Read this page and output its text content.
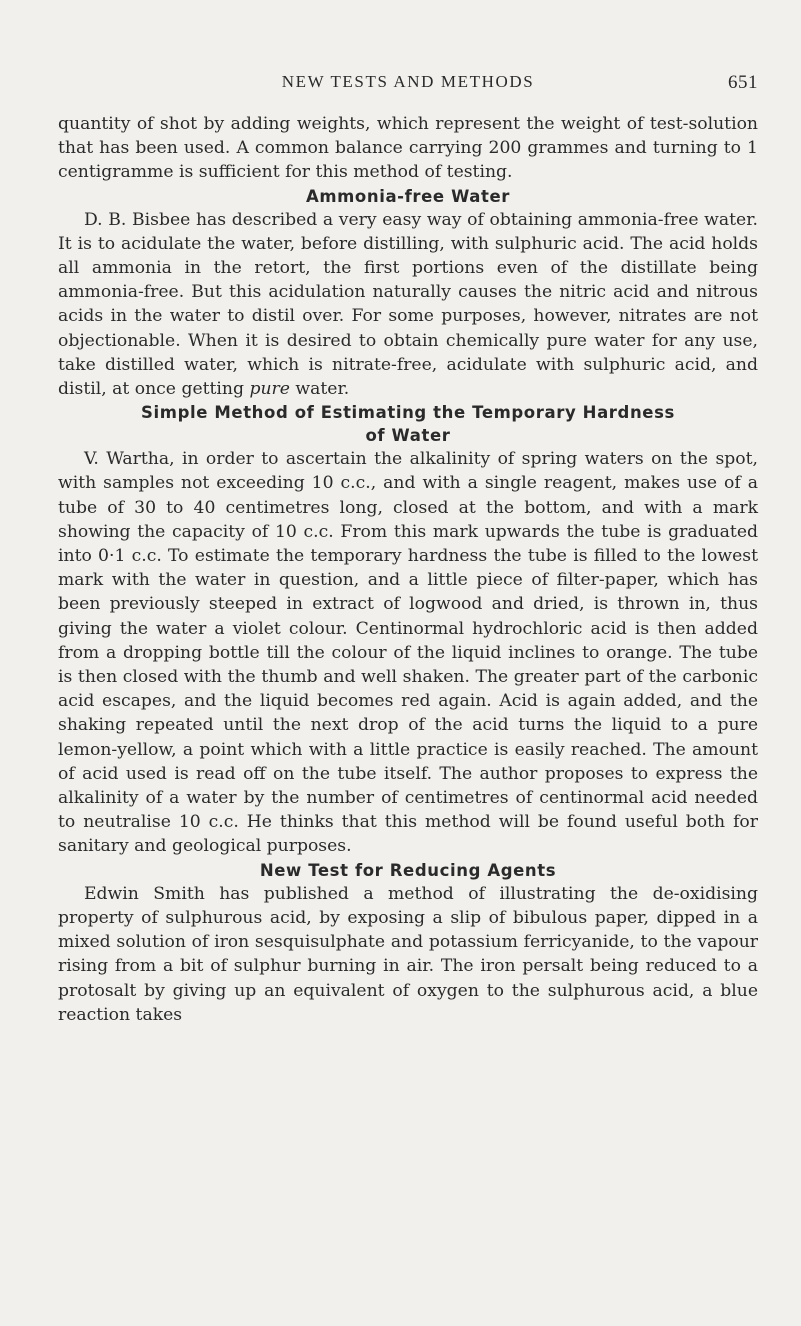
NEW TESTS AND METHODS	651

quantity of shot by adding weights, which represent the weight of test-solution that has been used. A common balance carrying 200 grammes and turning to 1 centigramme is sufficient for this method of testing.

Ammonia-free Water

D. B. Bisbee has described a very easy way of obtaining ammonia-free water. It is to acidulate the water, before distilling, with sulphuric acid. The acid holds all ammonia in the retort, the first portions even of the distillate being ammonia-free. But this acidulation naturally causes the nitric acid and nitrous acids in the water to distil over. For some purposes, however, nitrates are not objectionable. When it is desired to obtain chemically pure water for any use, take distilled water, which is nitrate-free, acidulate with sulphuric acid, and distil, at once getting pure water.

Simple Method of Estimating the Temporary Hardness
of Water

V. Wartha, in order to ascertain the alkalinity of spring waters on the spot, with samples not exceeding 10 c.c., and with a single reagent, makes use of a tube of 30 to 40 centimetres long, closed at the bottom, and with a mark showing the capacity of 10 c.c. From this mark upwards the tube is graduated into 0·1 c.c. To estimate the temporary hardness the tube is filled to the lowest mark with the water in question, and a little piece of filter-paper, which has been previously steeped in extract of logwood and dried, is thrown in, thus giving the water a violet colour. Centinormal hydrochloric acid is then added from a dropping bottle till the colour of the liquid inclines to orange. The tube is then closed with the thumb and well shaken. The greater part of the carbonic acid escapes, and the liquid becomes red again. Acid is again added, and the shaking repeated until the next drop of the acid turns the liquid to a pure lemon-yellow, a point which with a little practice is easily reached. The amount of acid used is read off on the tube itself. The author proposes to express the alkalinity of a water by the number of centimetres of centinormal acid needed to neutralise 10 c.c. He thinks that this method will be found useful both for sanitary and geological purposes.

New Test for Reducing Agents

Edwin Smith has published a method of illustrating the de-oxidising property of sulphurous acid, by exposing a slip of bibulous paper, dipped in a mixed solution of iron sesquisulphate and potassium ferricyanide, to the vapour rising from a bit of sulphur burning in air. The iron persalt being reduced to a protosalt by giving up an equivalent of oxygen to the sulphurous acid, a blue reaction takes
